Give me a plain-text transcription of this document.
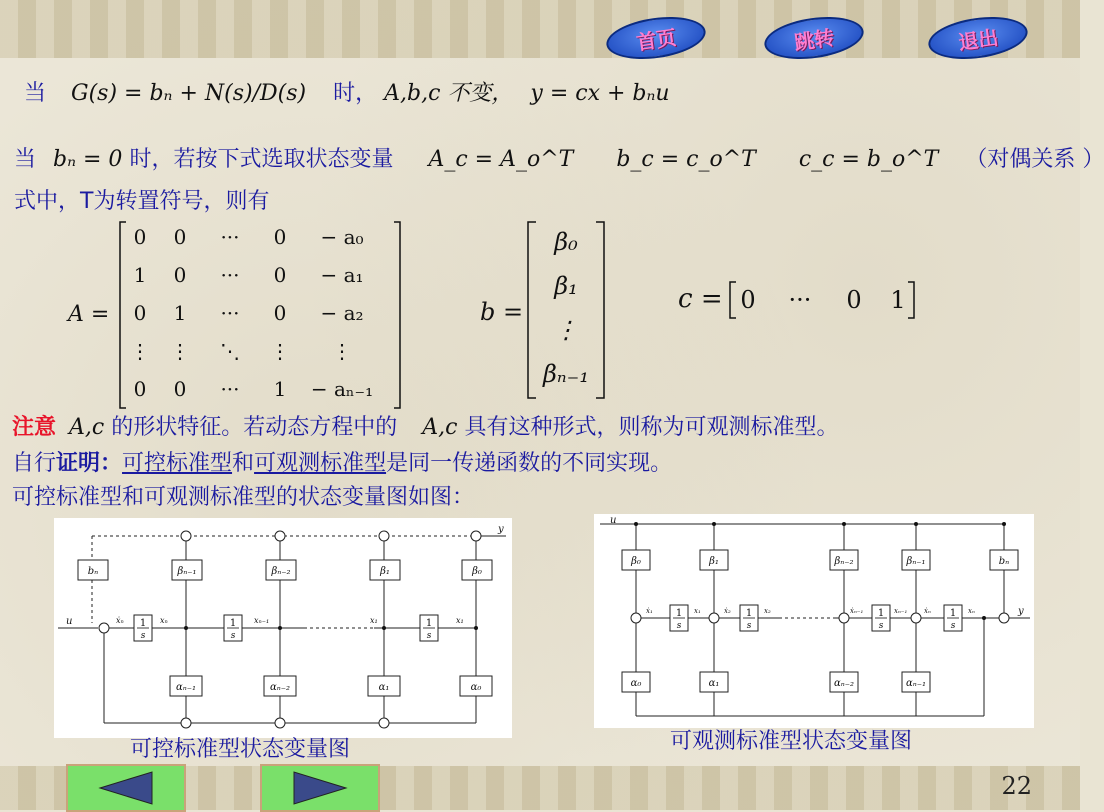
首页	跳转	退出
当 G(s) = bₙ + N(s)/D(s) 时， A,b,c 不变， y = cx + bₙu
当 bₙ = 0 时，若按下式选取状态变量 A_c = A_o^T b_c = c_o^T c_c = b_o^T （对偶关系 ）
式中，T为转置符号，则有
A =
0 0 ··· 0 − a₀
1 0 ··· 0 − a₁
0 1 ··· 0 − a₂
⋮ ⋮ ⋱ ⋮ ⋮
0 0 ··· 1 − aₙ₋₁
b =
β₀
β₁
⋮
βₙ₋₁
c = 0 ··· 0 1
注意 A,c 的形状特征。若动态方程中的 A,c 具有这种形式，则称为可观测标准型。
自行证明：可控标准型和可观测标准型是同一传递函数的不同实现。
可控标准型和可观测标准型的状态变量图如图：
y
bₙ	βₙ₋₁	βₙ₋₂	β₁	β₀
u	1
s
1
s
1
s
ẋₙ	xₙ	xₙ₋₁	x₁	x₁
αₙ₋₁	αₙ₋₂	α₁	α₀
可控标准型状态变量图
u
β₀	β₁	βₙ₋₂	βₙ₋₁	bₙ
1
s
1
s
1
s
1
s
y
ẋ₁	x₁	ẋ₂	x₂	ẋₙ₋₁	xₙ₋₁ ẋₙ	xₙ
α₀	α₁	αₙ₋₂	αₙ₋₁
可观测标准型状态变量图
22
